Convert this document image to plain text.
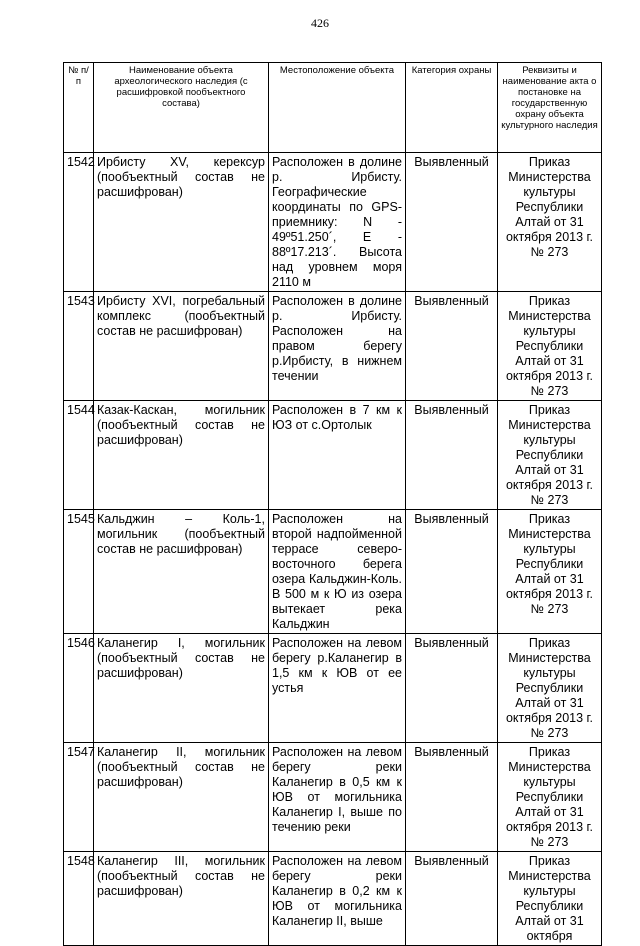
426
№ п/п	Наименование объекта археологического наследия (с расшифровкой пообъектного состава)	Местоположение объекта	Категория охраны	Реквизиты и наименование акта о постановке на государственную охрану объекта культурного наследия
1542	Ирбисту XV, керексур (пообъектный состав не расшифрован)	Расположен в долине р. Ирбисту. Географические координаты по GPS-приемнику: N - 49º51.250´, E - 88º17.213´. Высота над уровнем моря 2110 м	Выявленный	Приказ Министерства культуры Республики Алтай от 31 октября 2013 г. № 273
1543	Ирбисту XVI, погребальный комплекс (пообъектный состав не расшифрован)	Расположен в долине р. Ирбисту. Расположен на правом берегу р.Ирбисту, в нижнем течении	Выявленный	Приказ Министерства культуры Республики Алтай от 31 октября 2013 г. № 273
1544	Казак-Каскан, могильник (пообъектный состав не расшифрован)	Расположен в 7 км к ЮЗ от с.Ортолык	Выявленный	Приказ Министерства культуры Республики Алтай от 31 октября 2013 г. № 273
1545	Кальджин – Коль-1, могильник (пообъектный состав не расшифрован)	Расположен на второй надпойменной террасе северо-восточного берега озера Кальджин-Коль. В 500 м к Ю из озера вытекает река Кальджин	Выявленный	Приказ Министерства культуры Республики Алтай от 31 октября 2013 г. № 273
1546	Каланегир I, могильник (пообъектный состав не расшифрован)	Расположен на левом берегу р.Каланегир в 1,5 км к ЮВ от ее устья	Выявленный	Приказ Министерства культуры Республики Алтай от 31 октября 2013 г. № 273
1547	Каланегир II, могильник (пообъектный состав не расшифрован)	Расположен на левом берегу реки Каланегир в 0,5 км к ЮВ от могильника Каланегир I, выше по течению реки	Выявленный	Приказ Министерства культуры Республики Алтай от 31 октября 2013 г. № 273
1548	Каланегир III, могильник (пообъектный состав не расшифрован)	Расположен на левом берегу реки Каланегир в 0,2 км к ЮВ от могильника Каланегир II, выше	Выявленный	Приказ Министерства культуры Республики Алтай от 31 октября
